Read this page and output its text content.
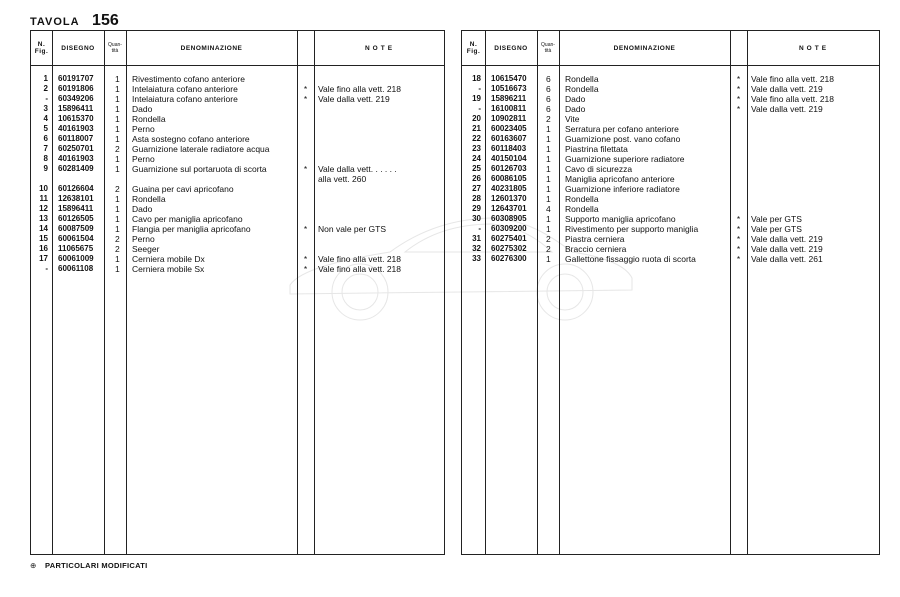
TAVOLA 156
N.
Fig.	DISEGNO	Quan-
tità	DENOMINAZIONE	NOTE
1 60191707	1	Rivestimento cofano anteriore
2 60191806	1	Intelaiatura cofano anteriore	*	Vale fino alla vett. 218
- 60349206	1	Intelaiatura cofano anteriore	*	Vale dalla vett. 219
3 15896411	1	Dado
4 10615370	1	Rondella
5 40161903	1	Perno
6 60118007	1	Asta sostegno cofano anteriore
7 60250701	2	Guarnizione laterale radiatore acqua
8 40161903	1	Perno
9 60281409	1	Guarnizione sul portaruota di scorta	*	Vale dalla vett. . . . . .
alla vett. 260
10 60126604	2	Guaina per cavi apricofano
11 12638101	1	Rondella
12 15896411	1	Dado
13 60126505	1	Cavo per maniglia apricofano
14 60087509	1	Flangia per maniglia apricofano	*	Non vale per GTS
15 60061504	2	Perno
16 11065675	2	Seeger
17 60061009	1	Cerniera mobile Dx	*	Vale fino alla vett. 218
- 60061108	1	Cerniera mobile Sx	*	Vale fino alla vett. 218
N.
Fig.	DISEGNO	Quan-
tità	DENOMINAZIONE	NOTE
18 10615470	6	Rondella	*	Vale fino alla vett. 218
- 10516673	6	Rondella	*	Vale dalla vett. 219
19 15896211	6	Dado	*	Vale fino alla vett. 218
- 16100811	6	Dado	*	Vale dalla vett. 219
20 10902811	2	Vite
21 60023405	1	Serratura per cofano anteriore
22 60163607	1	Guarnizione post. vano cofano
23 60118403	1	Piastrina filettata
24 40150104	1	Guarnizione superiore radiatore
25 60126703	1	Cavo di sicurezza
26 60086105	1	Maniglia apricofano anteriore
27 40231805	1	Guarnizione inferiore radiatore
28 12601370	1	Rondella
29 12643701	4	Rondella
30 60308905	1	Supporto maniglia apricofano	*	Vale per GTS
- 60309200	1	Rivestimento per supporto maniglia	*	Vale per GTS
31 60275401	2	Piastra cerniera	*	Vale dalla vett. 219
32 60275302	2	Braccio cerniera	*	Vale dalla vett. 219
33 60276300	1	Gallettone fissaggio ruota di scorta	*	Vale dalla vett. 261
⊕ PARTICOLARI MODIFICATI
